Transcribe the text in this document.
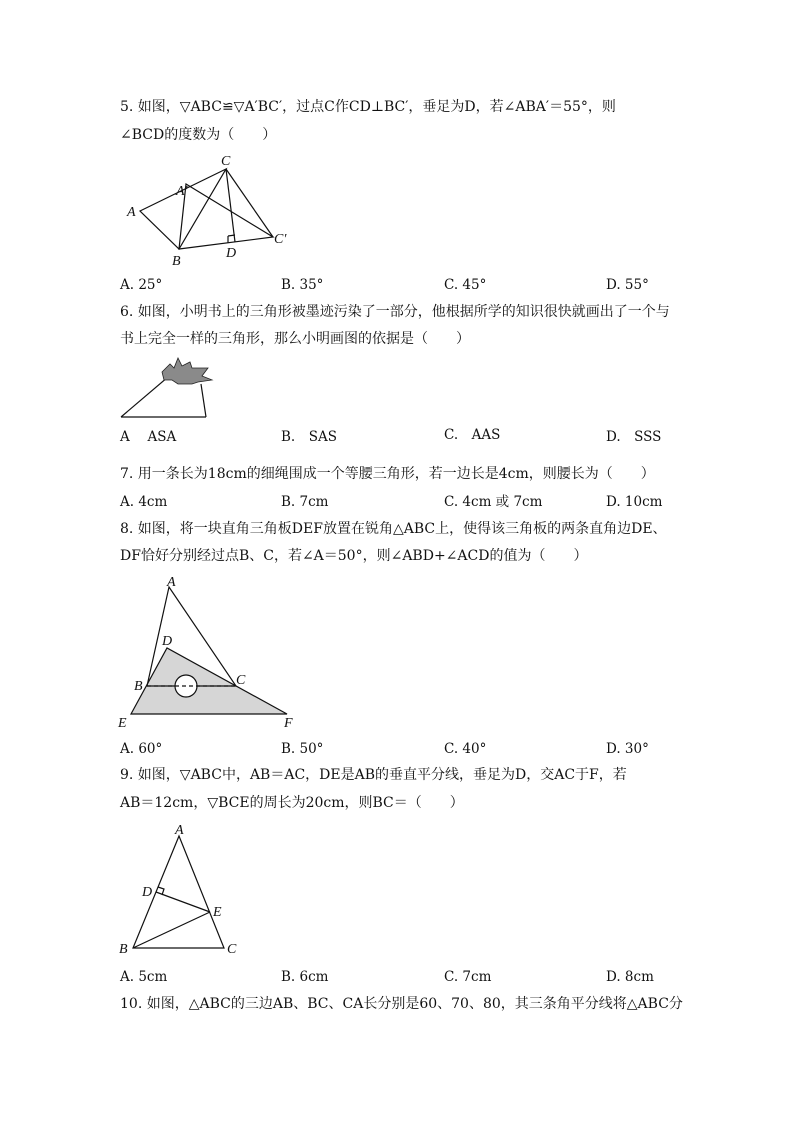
5. 如图，▽ABC≌▽A′BC′，过点C作CD⊥BC′，垂足为D，若∠ABA′＝55°，则
∠BCD的度数为（　　）
C
A
A′
B
D
C′
A. 25°	B. 35°	C. 45°	D. 55°
6. 如图，小明书上的三角形被墨迹污染了一部分，他根据所学的知识很快就画出了一个与
书上完全一样的三角形，那么小明画图的依据是（　　）
A　 ASA	B.　SAS	C.　AAS	D.　SSS
7. 用一条长为18cm的细绳围成一个等腰三角形，若一边长是4cm，则腰长为（　　）
A. 4cm	B. 7cm	C. 4cm 或 7cm	D. 10cm
8. 如图，将一块直角三角板DEF放置在锐角△ABC上，使得该三角板的两条直角边DE、
DF恰好分别经过点B、C，若∠A＝50°，则∠ABD+∠ACD的值为（　　）
A
D
B	C
E	F
A. 60°	B. 50°	C. 40°	D. 30°
9. 如图，▽ABC中，AB＝AC，DE是AB的垂直平分线，垂足为D，交AC于F，若
AB＝12cm，▽BCE的周长为20cm，则BC＝（　　）
A
D
E
B	C
A. 5cm	B. 6cm	C. 7cm	D. 8cm
10. 如图，△ABC的三边AB、BC、CA长分别是60、70、80，其三条角平分线将△ABC分
